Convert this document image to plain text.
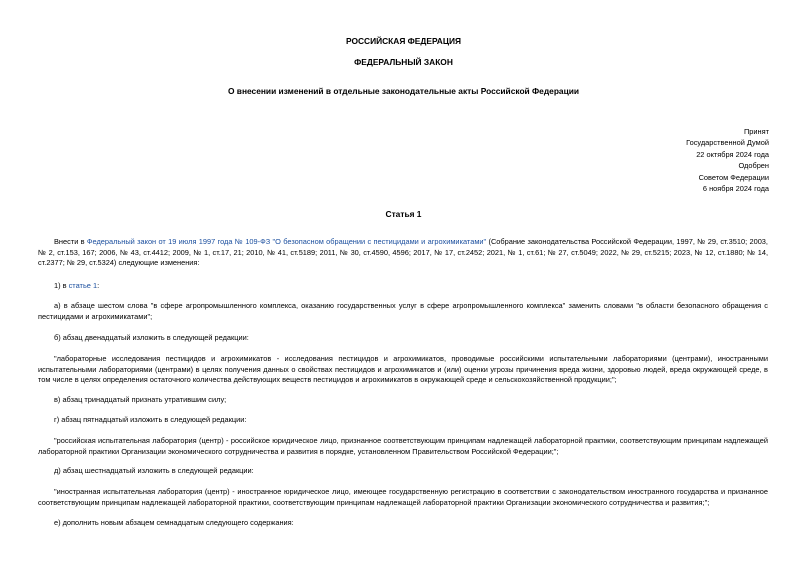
РОССИЙСКАЯ ФЕДЕРАЦИЯ
ФЕДЕРАЛЬНЫЙ ЗАКОН
О внесении изменений в отдельные законодательные акты Российской Федерации
Принят
Государственной Думой
22 октября 2024 года
Одобрен
Советом Федерации
6 ноября 2024 года
Статья 1

Внести в Федеральный закон от 19 июля 1997 года № 109-ФЗ "О безопасном обращении с пестицидами и агрохимикатами" (Собрание законодательства Российской Федерации, 1997, № 29, ст.3510; 2003, № 2, ст.153, 167; 2006, № 43, ст.4412; 2009, № 1, ст.17, 21; 2010, № 41, ст.5189; 2011, № 30, ст.4590, 4596; 2017, № 17, ст.2452; 2021, № 1, ст.61; № 27, ст.5049; 2022, № 29, ст.5215; 2023, № 12, ст.1880; № 14, ст.2377; № 29, ст.5324) следующие изменения:

1) в статье 1:

а) в абзаце шестом слова "в сфере агропромышленного комплекса, оказанию государственных услуг в сфере агропромышленного комплекса" заменить словами "в области безопасного обращения с пестицидами и агрохимикатами";

б) абзац двенадцатый изложить в следующей редакции:

"лабораторные исследования пестицидов и агрохимикатов - исследования пестицидов и агрохимикатов, проводимые российскими испытательными лабораториями (центрами), иностранными испытательными лабораториями (центрами) в целях получения данных о свойствах пестицидов и агрохимикатов и (или) оценки угрозы причинения вреда жизни, здоровью людей, вреда окружающей среде, в том числе в целях определения остаточного количества действующих веществ пестицидов и агрохимикатов в окружающей среде и сельскохозяйственной продукции;";

в) абзац тринадцатый признать утратившим силу;

г) абзац пятнадцатый изложить в следующей редакции:

"российская испытательная лаборатория (центр) - российское юридическое лицо, признанное соответствующим принципам надлежащей лабораторной практики, соответствующим принципам надлежащей лабораторной практики Организации экономического сотрудничества и развития в порядке, установленном Правительством Российской Федерации;";

д) абзац шестнадцатый изложить в следующей редакции:

"иностранная испытательная лаборатория (центр) - иностранное юридическое лицо, имеющее государственную регистрацию в соответствии с законодательством иностранного государства и признанное соответствующим принципам надлежащей лабораторной практики, соответствующим принципам надлежащей лабораторной практики Организации экономического сотрудничества и развития;";

е) дополнить новым абзацем семнадцатым следующего содержания:
